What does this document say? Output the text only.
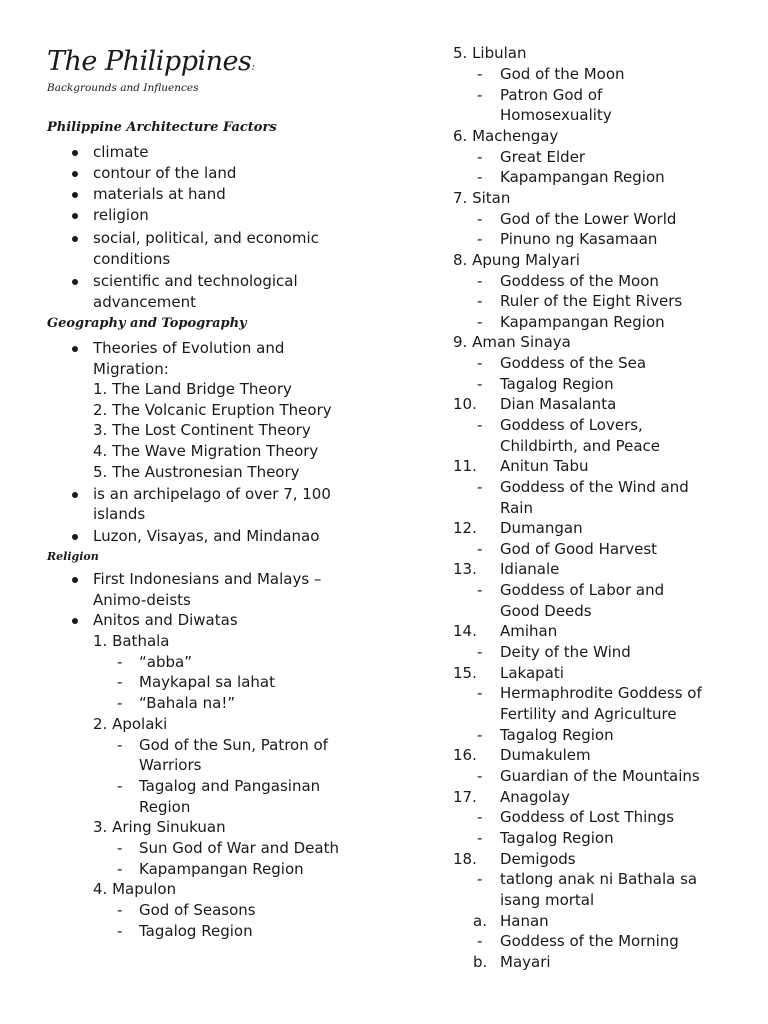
The Philippines:
Backgrounds and Influences
Philippine Architecture Factors
climate
contour of the land
materials at hand
religion
social, political, and economic
conditions
scientific and technological
advancement
Geography and Topography
Theories of Evolution and
Migration:
1. The Land Bridge Theory
2. The Volcanic Eruption Theory
3. The Lost Continent Theory
4. The Wave Migration Theory
5. The Austronesian Theory
is an archipelago of over 7, 100
islands
Luzon, Visayas, and Mindanao
Religion
First Indonesians and Malays –
Animo-deists
Anitos and Diwatas
1. Bathala
- “abba”
- Maykapal sa lahat
- “Bahala na!”
2. Apolaki
- God of the Sun, Patron of
Warriors
- Tagalog and Pangasinan
Region
3. Aring Sinukuan
- Sun God of War and Death
- Kapampangan Region
4. Mapulon
- God of Seasons
- Tagalog Region
5. Libulan
- God of the Moon
- Patron God of
Homosexuality
6. Machengay
- Great Elder
- Kapampangan Region
7. Sitan
- God of the Lower World
- Pinuno ng Kasamaan
8. Apung Malyari
- Goddess of the Moon
- Ruler of the Eight Rivers
- Kapampangan Region
9. Aman Sinaya
- Goddess of the Sea
- Tagalog Region
10. Dian Masalanta
- Goddess of Lovers,
Childbirth, and Peace
11. Anitun Tabu
- Goddess of the Wind and
Rain
12. Dumangan
- God of Good Harvest
13. Idianale
- Goddess of Labor and
Good Deeds
14. Amihan
- Deity of the Wind
15. Lakapati
- Hermaphrodite Goddess of
Fertility and Agriculture
- Tagalog Region
16. Dumakulem
- Guardian of the Mountains
17. Anagolay
- Goddess of Lost Things
- Tagalog Region
18. Demigods
- tatlong anak ni Bathala sa
isang mortal
a. Hanan
- Goddess of the Morning
b. Mayari
